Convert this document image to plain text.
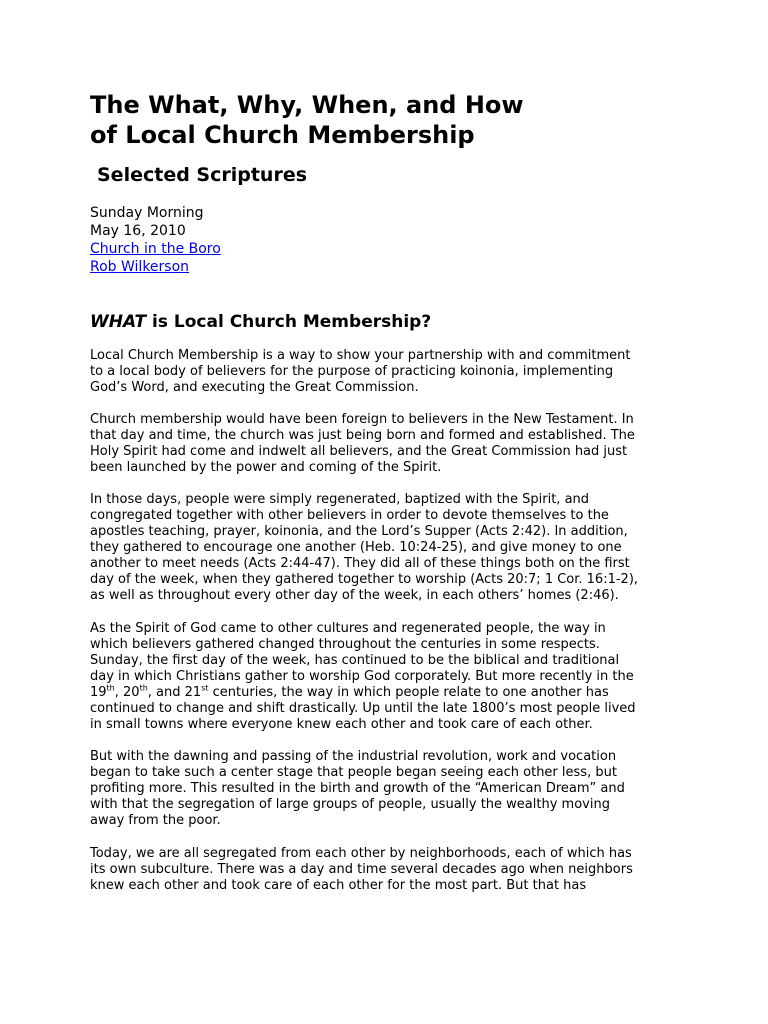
The What, Why, When, and How
of Local Church Membership
Selected Scriptures
Sunday Morning
May 16, 2010
Church in the Boro
Rob Wilkerson
WHAT is Local Church Membership?

Local Church Membership is a way to show your partnership with and commitment
to a local body of believers for the purpose of practicing koinonia, implementing
God’s Word, and executing the Great Commission.

Church membership would have been foreign to believers in the New Testament. In
that day and time, the church was just being born and formed and established. The
Holy Spirit had come and indwelt all believers, and the Great Commission had just
been launched by the power and coming of the Spirit.

In those days, people were simply regenerated, baptized with the Spirit, and
congregated together with other believers in order to devote themselves to the
apostles teaching, prayer, koinonia, and the Lord’s Supper (Acts 2:42). In addition,
they gathered to encourage one another (Heb. 10:24-25), and give money to one
another to meet needs (Acts 2:44-47). They did all of these things both on the first
day of the week, when they gathered together to worship (Acts 20:7; 1 Cor. 16:1-2),
as well as throughout every other day of the week, in each others’ homes (2:46).

As the Spirit of God came to other cultures and regenerated people, the way in
which believers gathered changed throughout the centuries in some respects.
Sunday, the first day of the week, has continued to be the biblical and traditional
day in which Christians gather to worship God corporately. But more recently in the
19th, 20th, and 21st centuries, the way in which people relate to one another has
continued to change and shift drastically. Up until the late 1800’s most people lived
in small towns where everyone knew each other and took care of each other.

But with the dawning and passing of the industrial revolution, work and vocation
began to take such a center stage that people began seeing each other less, but
profiting more. This resulted in the birth and growth of the “American Dream” and
with that the segregation of large groups of people, usually the wealthy moving
away from the poor.

Today, we are all segregated from each other by neighborhoods, each of which has
its own subculture. There was a day and time several decades ago when neighbors
knew each other and took care of each other for the most part. But that has
